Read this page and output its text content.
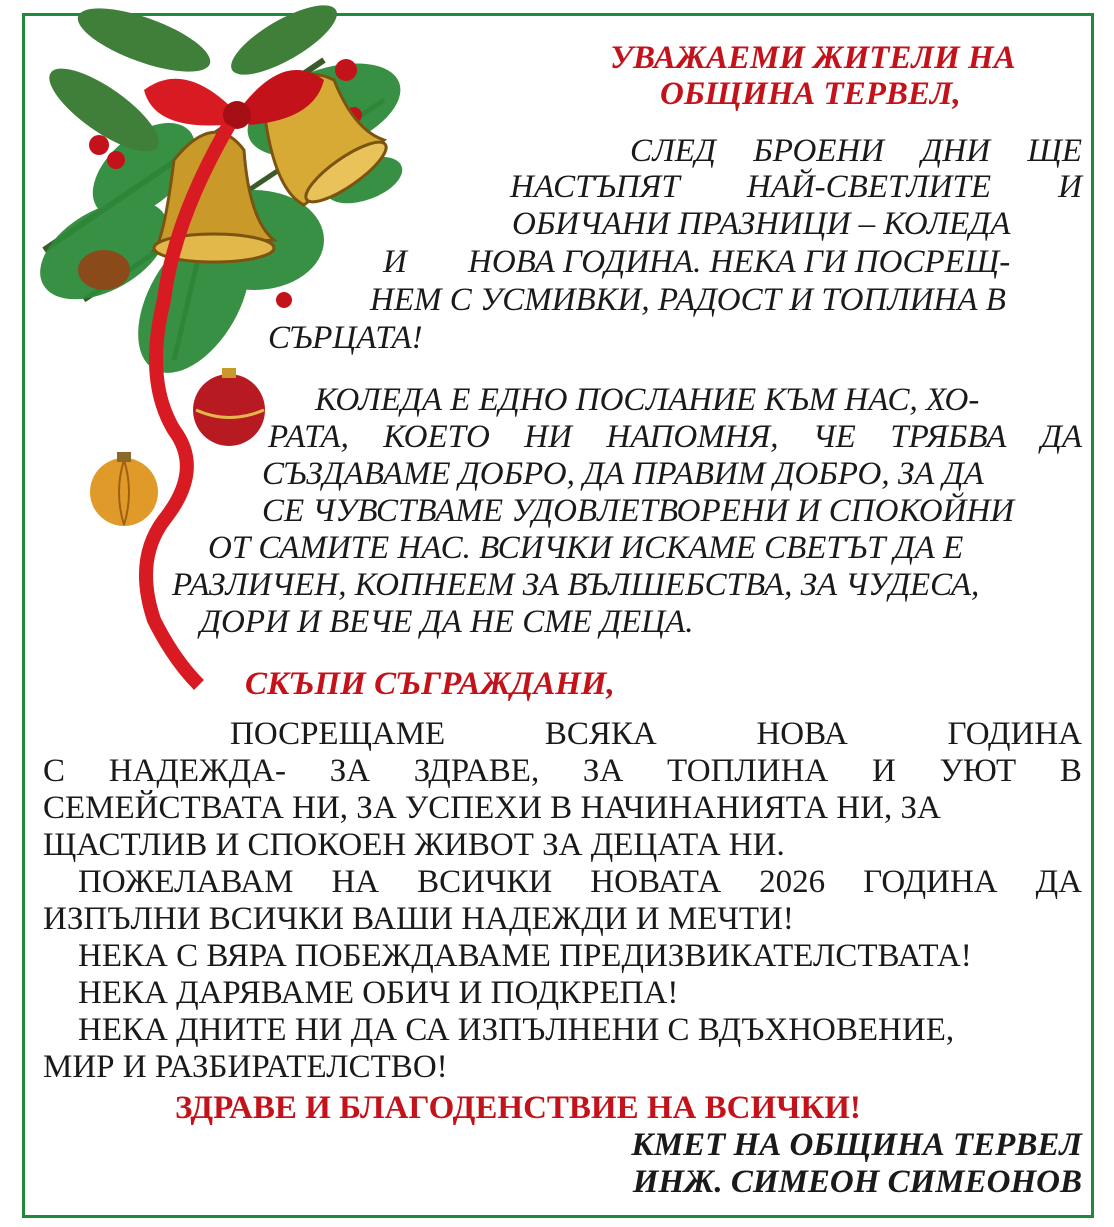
УВАЖАЕМИ ЖИТЕЛИ НА
ОБЩИНА ТЕРВЕЛ,
СЛЕД БРОЕНИ ДНИ ЩЕ
НАСТЪПЯТ НАЙ-СВЕТЛИТЕ И
ОБИЧАНИ ПРАЗНИЦИ – КОЛЕДА
И НОВА ГОДИНА. НЕКА ГИ ПОСРЕЩ-
НЕМ С УСМИВКИ, РАДОСТ И ТОПЛИНА В
СЪРЦАТА!
КОЛЕДА Е ЕДНО ПОСЛАНИЕ КЪМ НАС, ХО-
РАТА, КОЕТО НИ НАПОМНЯ, ЧЕ ТРЯБВА ДА
СЪЗДАВАМЕ ДОБРО, ДА ПРАВИМ ДОБРО, ЗА ДА
СЕ ЧУВСТВАМЕ УДОВЛЕТВОРЕНИ И СПОКОЙНИ
ОТ САМИТЕ НАС. ВСИЧКИ ИСКАМЕ СВЕТЪТ ДА Е
РАЗЛИЧЕН, КОПНЕЕМ ЗА ВЪЛШЕБСТВА, ЗА ЧУДЕСА,
ДОРИ И ВЕЧЕ ДА НЕ СМЕ ДЕЦА.
СКЪПИ СЪГРАЖДАНИ,
ПОСРЕЩАМЕ	ВСЯКА	НОВА	ГОДИНА
С НАДЕЖДА- ЗА ЗДРАВЕ, ЗА ТОПЛИНА И УЮТ В
СЕМЕЙСТВАТА НИ, ЗА УСПЕХИ В НАЧИНАНИЯТА НИ, ЗА
ЩАСТЛИВ И СПОКОЕН ЖИВОТ ЗА ДЕЦАТА НИ.
ПОЖЕЛАВАМ НА ВСИЧКИ НОВАТА 2026 ГОДИНА ДА
ИЗПЪЛНИ ВСИЧКИ ВАШИ НАДЕЖДИ И МЕЧТИ!
НЕКА С ВЯРА ПОБЕЖДАВАМЕ ПРЕДИЗВИКАТЕЛСТВАТА!
НЕКА ДАРЯВАМЕ ОБИЧ И ПОДКРЕПА!
НЕКА ДНИТЕ НИ ДА СА ИЗПЪЛНЕНИ С ВДЪХНОВЕНИЕ,
МИР И РАЗБИРАТЕЛСТВО!
ЗДРАВЕ И БЛАГОДЕНСТВИЕ НА ВСИЧКИ!
КМЕТ НА ОБЩИНА ТЕРВЕЛ
ИНЖ. СИМЕОН СИМЕОНОВ
